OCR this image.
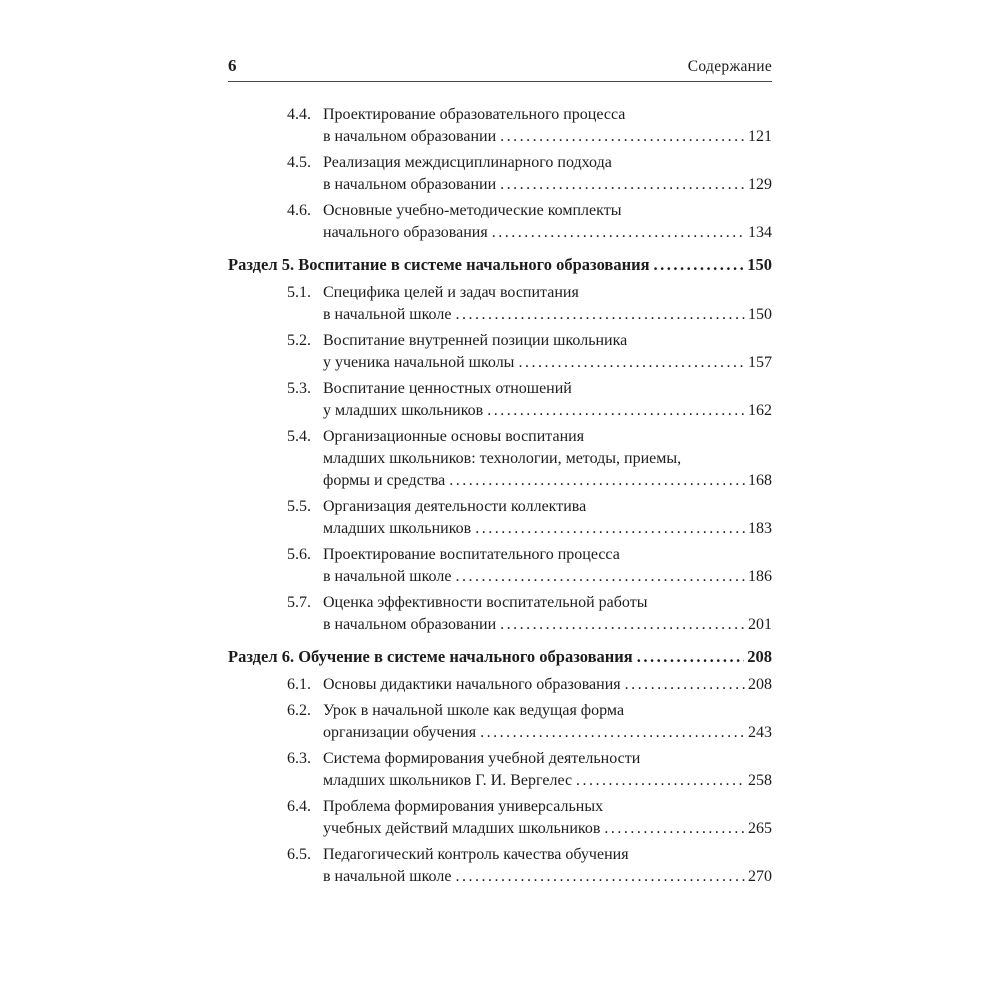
6	Содержание
4.4. Проектирование образовательного процесса
в начальном образовании .....	121
4.5. Реализация междисциплинарного подхода
в начальном образовании .....	129
4.6. Основные учебно-методические комплекты
начального образования .....	134
Раздел 5. Воспитание в системе начального образования .....	150
5.1. Специфика целей и задач воспитания
в начальной школе .....	150
5.2. Воспитание внутренней позиции школьника
у ученика начальной школы .....	157
5.3. Воспитание ценностных отношений
у младших школьников .....	162
5.4. Организационные основы воспитания
младших школьников: технологии, методы, приемы,
формы и средства .....	168
5.5. Организация деятельности коллектива
младших школьников .....	183
5.6. Проектирование воспитательного процесса
в начальной школе .....	186
5.7. Оценка эффективности воспитательной работы
в начальном образовании .....	201
Раздел 6. Обучение в системе начального образования .....	208
6.1. Основы дидактики начального образования .....	208
6.2. Урок в начальной школе как ведущая форма
организации обучения .....	243
6.3. Система формирования учебной деятельности
младших школьников Г. И. Вергелес .....	258
6.4. Проблема формирования универсальных
учебных действий младших школьников .....	265
6.5. Педагогический контроль качества обучения
в начальной школе .....	270
